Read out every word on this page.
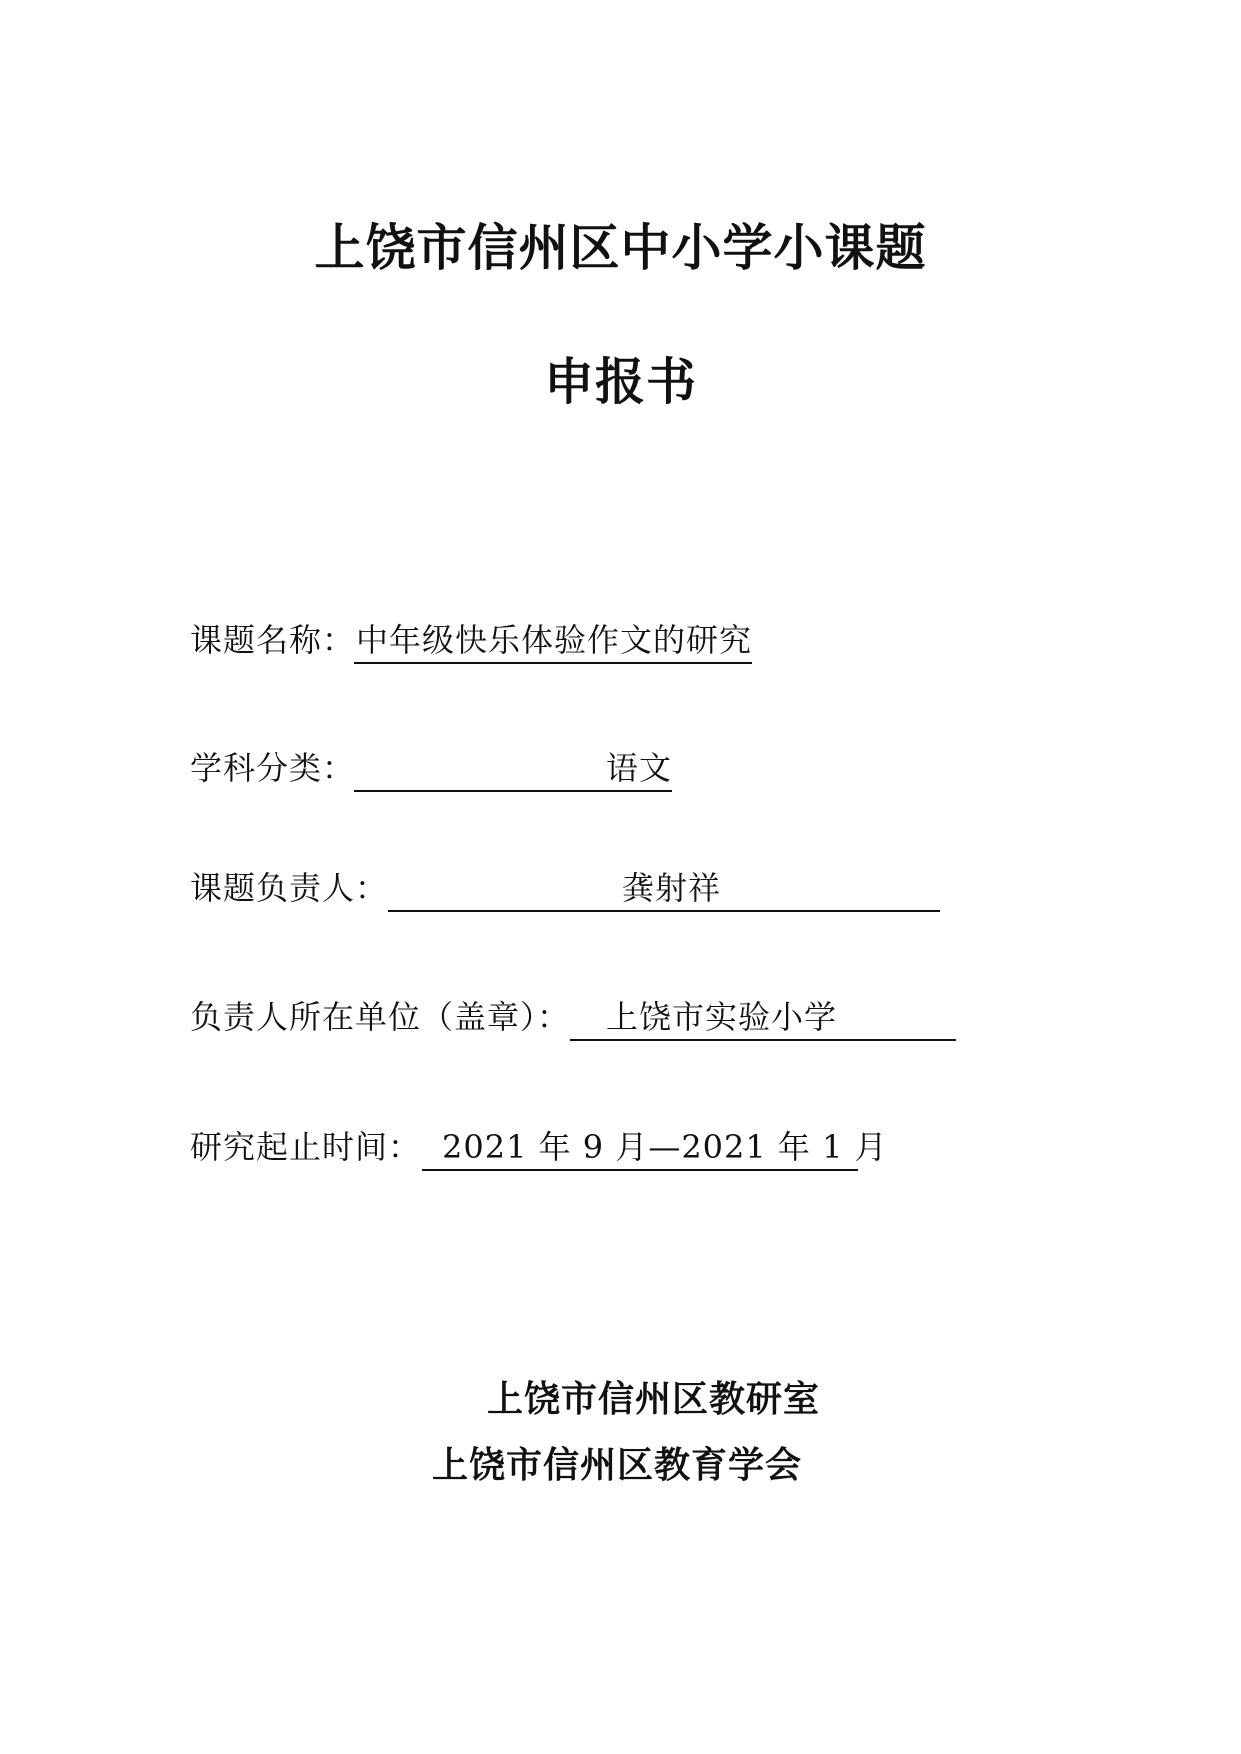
上饶市信州区中小学小课题
申报书
课题名称： 中年级快乐体验作文的研究
学科分类：	语文
课题负责人：	龚射祥
负责人所在单位（盖章）： 上饶市实验小学
研究起止时间： 2021 年 9 月—2021 年 1 月
上饶市信州区教研室
上饶市信州区教育学会
